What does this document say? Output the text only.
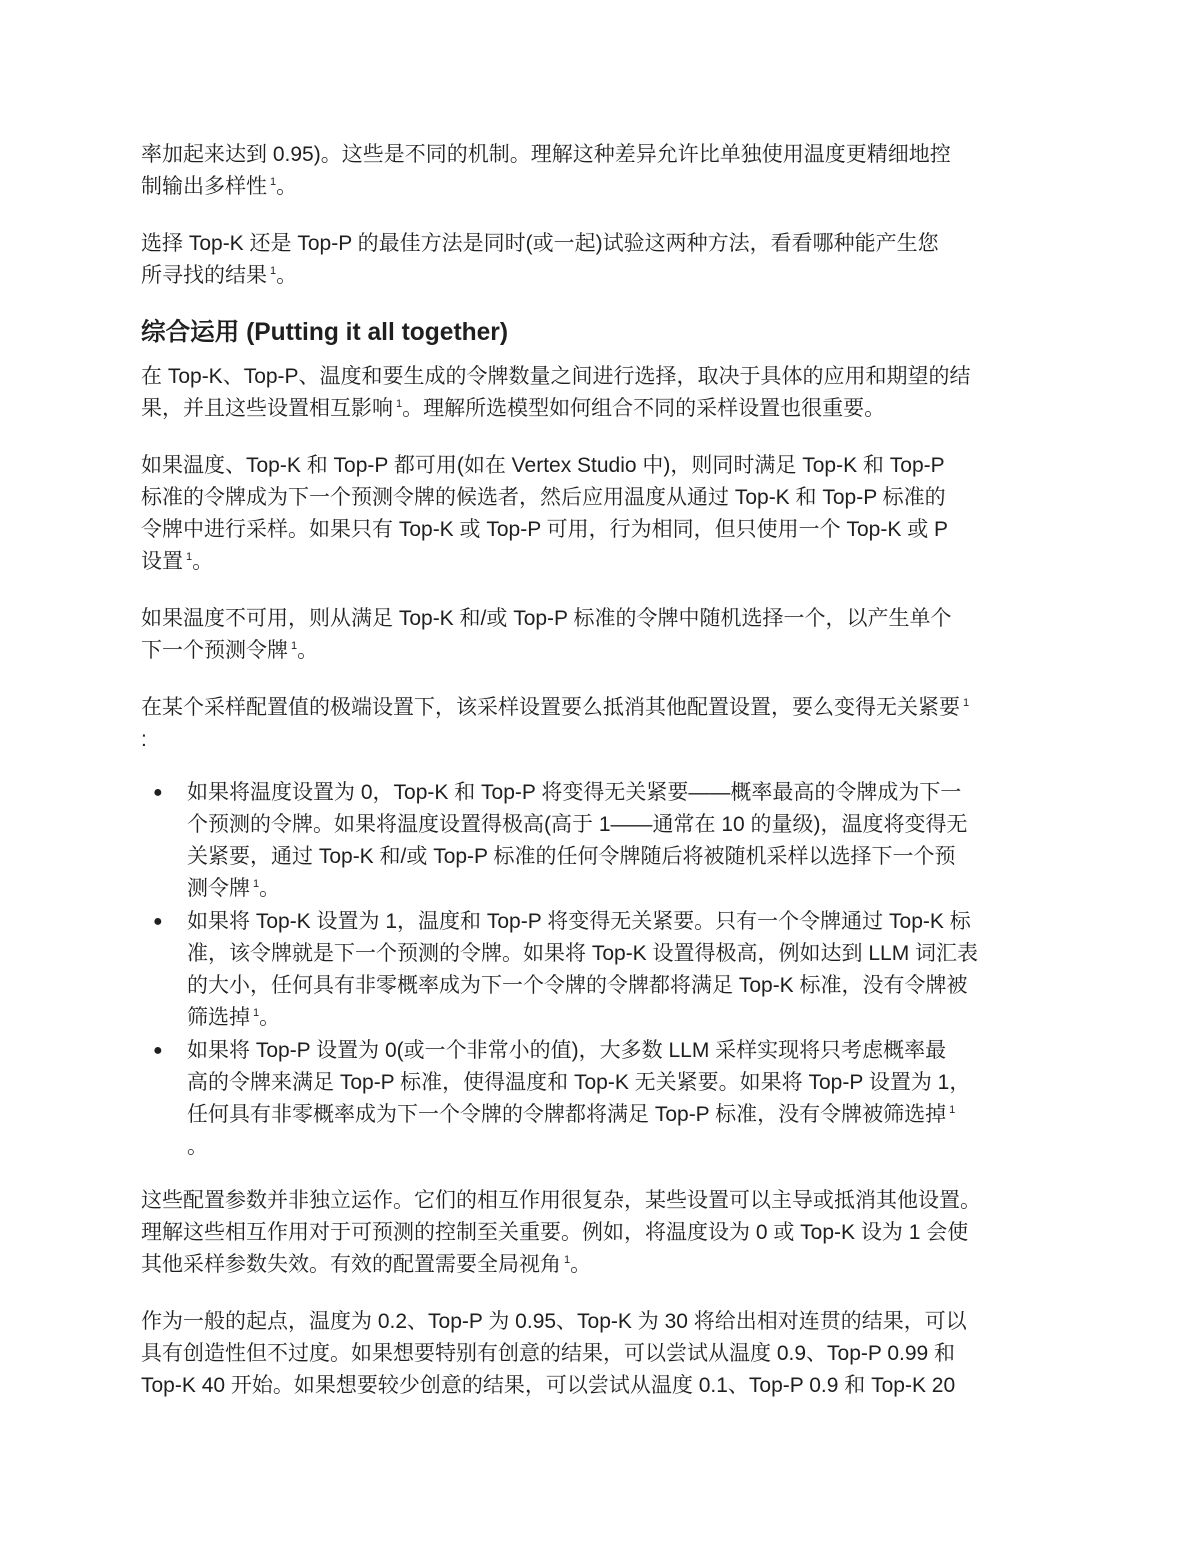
率加起来达到 0.95)。这些是不同的机制。理解这种差异允许比单独使用温度更精细地控
制输出多样性 $^1$。

选择 Top-K 还是 Top-P 的最佳方法是同时(或一起)试验这两种方法，看看哪种能产生您
所寻找的结果 $^1$。

综合运用 (Putting it all together)

在 Top-K、Top-P、温度和要生成的令牌数量之间进行选择，取决于具体的应用和期望的结
果，并且这些设置相互影响 $^1$。理解所选模型如何组合不同的采样设置也很重要。

如果温度、Top-K 和 Top-P 都可用(如在 Vertex Studio 中)，则同时满足 Top-K 和 Top-P
标准的令牌成为下一个预测令牌的候选者，然后应用温度从通过 Top-K 和 Top-P 标准的
令牌中进行采样。如果只有 Top-K 或 Top-P 可用，行为相同，但只使用一个 Top-K 或 P
设置 $^1$。

如果温度不可用，则从满足 Top-K 和/或 Top-P 标准的令牌中随机选择一个，以产生单个
下一个预测令牌 $^1$。

在某个采样配置值的极端设置下，该采样设置要么抵消其他配置设置，要么变得无关紧要 $^1$
:

● 如果将温度设置为 0，Top-K 和 Top-P 将变得无关紧要——概率最高的令牌成为下一
个预测的令牌。如果将温度设置得极高(高于 1——通常在 10 的量级)，温度将变得无
关紧要，通过 Top-K 和/或 Top-P 标准的任何令牌随后将被随机采样以选择下一个预
测令牌 $^1$。
● 如果将 Top-K 设置为 1，温度和 Top-P 将变得无关紧要。只有一个令牌通过 Top-K 标
准，该令牌就是下一个预测的令牌。如果将 Top-K 设置得极高，例如达到 LLM 词汇表
的大小，任何具有非零概率成为下一个令牌的令牌都将满足 Top-K 标准，没有令牌被
筛选掉 $^1$。
● 如果将 Top-P 设置为 0(或一个非常小的值)，大多数 LLM 采样实现将只考虑概率最
高的令牌来满足 Top-P 标准，使得温度和 Top-K 无关紧要。如果将 Top-P 设置为 1，
任何具有非零概率成为下一个令牌的令牌都将满足 Top-P 标准，没有令牌被筛选掉 $^1$
。

这些配置参数并非独立运作。它们的相互作用很复杂，某些设置可以主导或抵消其他设置。
理解这些相互作用对于可预测的控制至关重要。例如，将温度设为 0 或 Top-K 设为 1 会使
其他采样参数失效。有效的配置需要全局视角 $^1$。

作为一般的起点，温度为 0.2、Top-P 为 0.95、Top-K 为 30 将给出相对连贯的结果，可以
具有创造性但不过度。如果想要特别有创意的结果，可以尝试从温度 0.9、Top-P 0.99 和
Top-K 40 开始。如果想要较少创意的结果，可以尝试从温度 0.1、Top-P 0.9 和 Top-K 20
